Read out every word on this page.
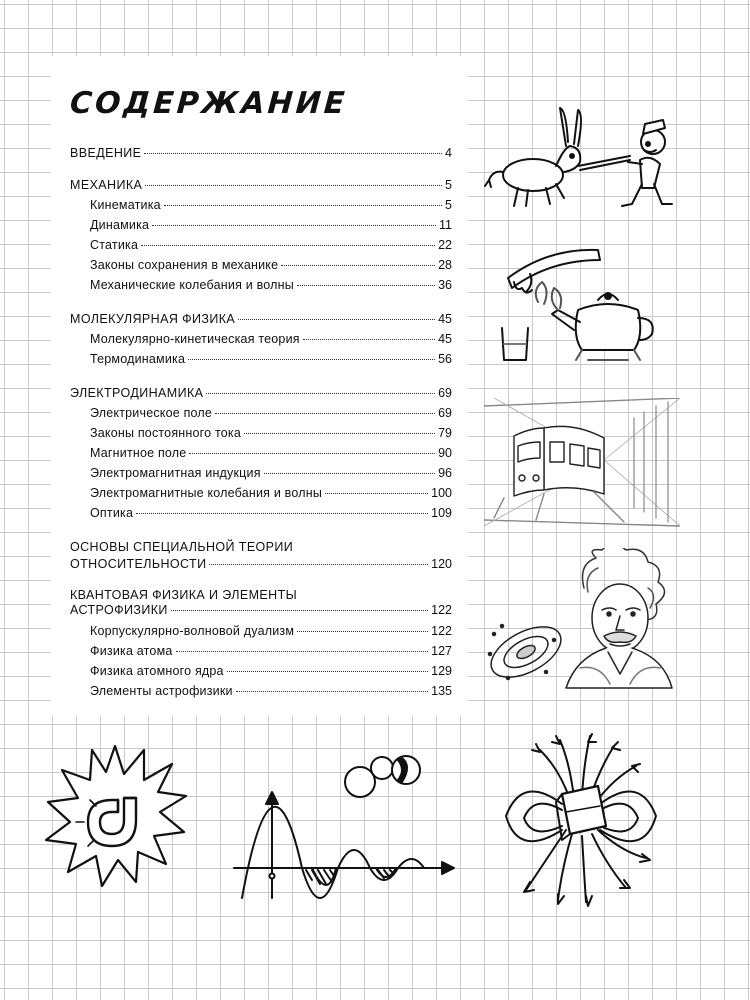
СОДЕРЖАНИЕ
ВВЕДЕНИЕ	4
МЕХАНИКА	5
Кинематика	5
Динамика	11
Статика	22
Законы сохранения в механике	28
Механические колебания и волны	36
МОЛЕКУЛЯРНАЯ ФИЗИКА	45
Молекулярно-кинетическая теория	45
Термодинамика	56
ЭЛЕКТРОДИНАМИКА	69
Электрическое поле	69
Законы постоянного тока	79
Магнитное поле	90
Электромагнитная индукция	96
Электромагнитные колебания и волны	100
Оптика	109
ОСНОВЫ СПЕЦИАЛЬНОЙ ТЕОРИИ
ОТНОСИТЕЛЬНОСТИ	120
КВАНТОВАЯ ФИЗИКА И ЭЛЕМЕНТЫ
АСТРОФИЗИКИ	122
Корпускулярно-волновой дуализм	122
Физика атома	127
Физика атомного ядра	129
Элементы астрофизики	135
